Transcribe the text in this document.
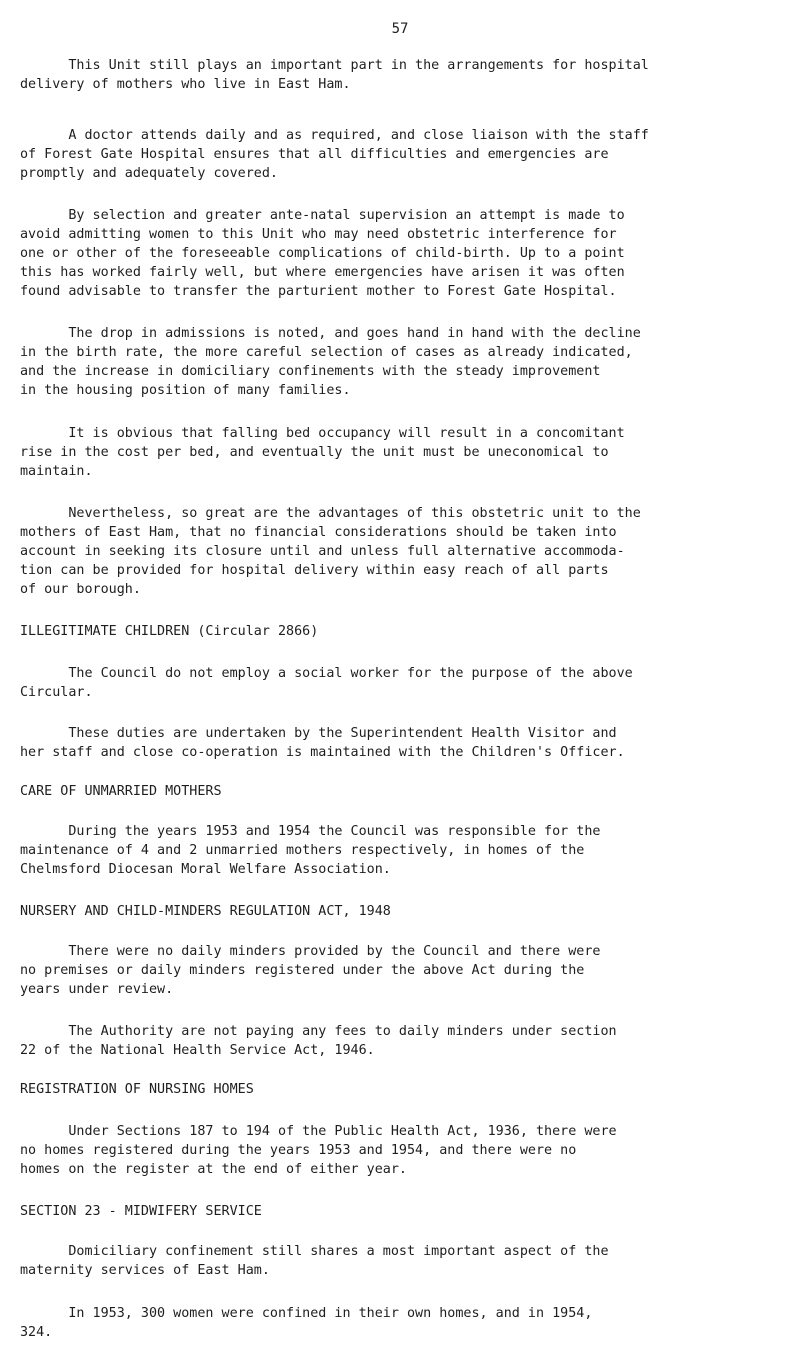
57

This Unit still plays an important part in the arrangements for hospital
delivery of mothers who live in East Ham.

A doctor attends daily and as required, and close liaison with the staff
of Forest Gate Hospital ensures that all difficulties and emergencies are
promptly and adequately covered.

By selection and greater ante-natal supervision an attempt is made to
avoid admitting women to this Unit who may need obstetric interference for
one or other of the foreseeable complications of child-birth. Up to a point
this has worked fairly well, but where emergencies have arisen it was often
found advisable to transfer the parturient mother to Forest Gate Hospital.

The drop in admissions is noted, and goes hand in hand with the decline
in the birth rate, the more careful selection of cases as already indicated,
and the increase in domiciliary confinements with the steady improvement
in the housing position of many families.

It is obvious that falling bed occupancy will result in a concomitant
rise in the cost per bed, and eventually the unit must be uneconomical to
maintain.

Nevertheless, so great are the advantages of this obstetric unit to the
mothers of East Ham, that no financial considerations should be taken into
account in seeking its closure until and unless full alternative accommoda-
tion can be provided for hospital delivery within easy reach of all parts
of our borough.

ILLEGITIMATE CHILDREN (Circular 2866)

The Council do not employ a social worker for the purpose of the above
Circular.

These duties are undertaken by the Superintendent Health Visitor and
her staff and close co-operation is maintained with the Children's Officer.

CARE OF UNMARRIED MOTHERS

During the years 1953 and 1954 the Council was responsible for the
maintenance of 4 and 2 unmarried mothers respectively, in homes of the
Chelmsford Diocesan Moral Welfare Association.

NURSERY AND CHILD-MINDERS REGULATION ACT, 1948

There were no daily minders provided by the Council and there were
no premises or daily minders registered under the above Act during the
years under review.

The Authority are not paying any fees to daily minders under section
22 of the National Health Service Act, 1946.

REGISTRATION OF NURSING HOMES

Under Sections 187 to 194 of the Public Health Act, 1936, there were
no homes registered during the years 1953 and 1954, and there were no
homes on the register at the end of either year.

SECTION 23 - MIDWIFERY SERVICE

Domiciliary confinement still shares a most important aspect of the
maternity services of East Ham.

In 1953, 300 women were confined in their own homes, and in 1954,
324.
